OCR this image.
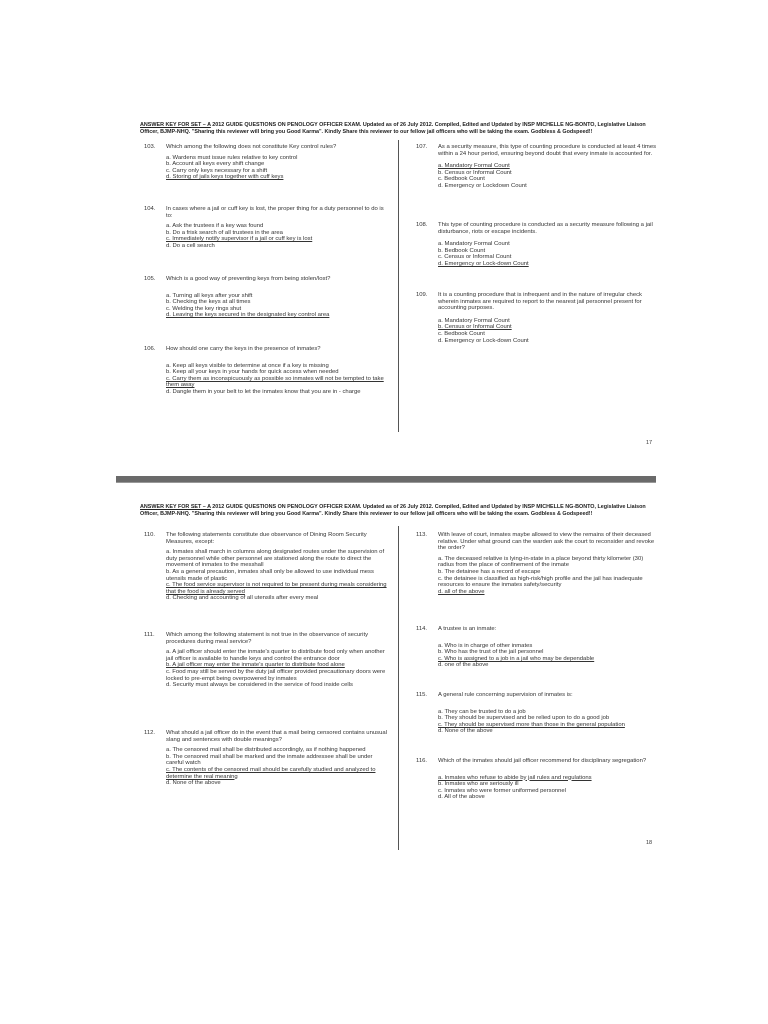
ANSWER KEY FOR SET – A 2012 GUIDE QUESTIONS ON PENOLOGY OFFICER EXAM. Updated as of 26 July 2012. Compiled, Edited and Updated by INSP MICHELLE NG-BONTO, Legislative Liaison Officer, BJMP-NHQ. "Sharing this reviewer will bring you Good Karma". Kindly Share this reviewer to our fellow jail officers who will be taking the exam. Godbless & Godspeed!!
103. Which among the following does not constitute Key control rules?
a. Wardens must issue rules relative to key control
b. Account all keys every shift change
c. Carry only keys necessary for a shift
d. Storing of jails keys together with cuff keys
104. In cases where a jail or cuff key is lost, the proper thing for a duty personnel to do is to:
a. Ask the trustees if a key was found
b. Do a frisk search of all trustees in the area
c. Immediately notify supervisor if a jail or cuff key is lost
d. Do a cell search
105. Which is a good way of preventing keys from being stolen/lost?
a. Turning all keys after your shift
b. Checking the keys at all times
c. Welding the key rings shut
d. Leaving the keys secured in the designated key control area
106. How should one carry the keys in the presence of inmates?
a. Keep all keys visible to determine at once if a key is missing
b. Keep all your keys in your hands for quick access when needed
c. Carry them as inconspicuously as possible so inmates will not be tempted to take them away
d. Dangle them in your belt to let the inmates know that you are in - charge
107. As a security measure, this type of counting procedure is conducted at least 4 times within a 24 hour period, ensuring beyond doubt that every inmate is accounted for.
a. Mandatory Formal Count
b. Census or Informal Count
c. Bedbook Count
d. Emergency or Lockdown Count
108. This type of counting procedure is conducted as a security measure following a jail disturbance, riots or escape incidents.
a. Mandatory Formal Count
b. Bedbook Count
c. Census or Informal Count
d. Emergency or Lock-down Count
109. It is a counting procedure that is infrequent and in the nature of irregular check wherein inmates are required to report to the nearest jail personnel present for accounting purposes.
a. Mandatory Formal Count
b. Census or Informal Count
c. Bedbook Count
d. Emergency or Lock-down Count
17
ANSWER KEY FOR SET – A 2012 GUIDE QUESTIONS ON PENOLOGY OFFICER EXAM. Updated as of 26 July 2012. Compiled, Edited and Updated by INSP MICHELLE NG-BONTO, Legislative Liaison Officer, BJMP-NHQ. "Sharing this reviewer will bring you Good Karma". Kindly Share this reviewer to our fellow jail officers who will be taking the exam. Godbless & Godspeed!!
110. The following statements constitute due observance of Dining Room Security Measures, except:
a. Inmates shall march in columns along designated routes under the supervision of duty personnel while other personnel are stationed along the route to direct the movement of inmates to the messhall
b. As a general precaution, inmates shall only be allowed to use individual mess utensils made of plastic
c. The food service supervisor is not required to be present during meals considering that the food is already served
d. Checking and accounting of all utensils after every meal
111. Which among the following statement is not true in the observance of security procedures during meal service?
a. A jail officer should enter the inmate's quarter to distribute food only when another jail officer is available to handle keys and control the entrance door
b. A jail officer may enter the inmate's quarter to distribute food alone
c. Food may still be served by the duty jail officer provided precautionary doors were locked to pre-empt being overpowered by inmates
d. Security must always be considered in the service of food inside cells
112. What should a jail officer do in the event that a mail being censored contains unusual slang and sentences with double meanings?
a. The censored mail shall be distributed accordingly, as if nothing happened
b. The censored mail shall be marked and the inmate addressee shall be under careful watch
c. The contents of the censored mail should be carefully studied and analyzed to determine the real meaning
d. None of the above
113. With leave of court, inmates maybe allowed to view the remains of their deceased relative. Under what ground can the warden ask the court to reconsider and revoke the order?
a. The deceased relative is lying-in-state in a place beyond thirty kilometer (30) radius from the place of confinement of the inmate
b. The detainee has a record of escape
c. the detainee is classified as high-risk/high profile and the jail has inadequate resources to ensure the inmates safety/security
d. all of the above
114. A trustee is an inmate:
a. Who is in charge of other inmates
b. Who has the trust of the jail personnel
c. Who is assigned to a job in a jail who may be dependable
d. one of the above
115. A general rule concerning supervision of inmates is:
a. They can be trusted to do a job
b. They should be supervised and be relied upon to do a good job
c. They should be supervised more than those in the general population
d. None of the above
116. Which of the inmates should jail officer recommend for disciplinary segregation?
a. Inmates who refuse to abide by jail rules and regulations
b. Inmates who are seriously ill
c. Inmates who were former uniformed personnel
d. All of the above
18
